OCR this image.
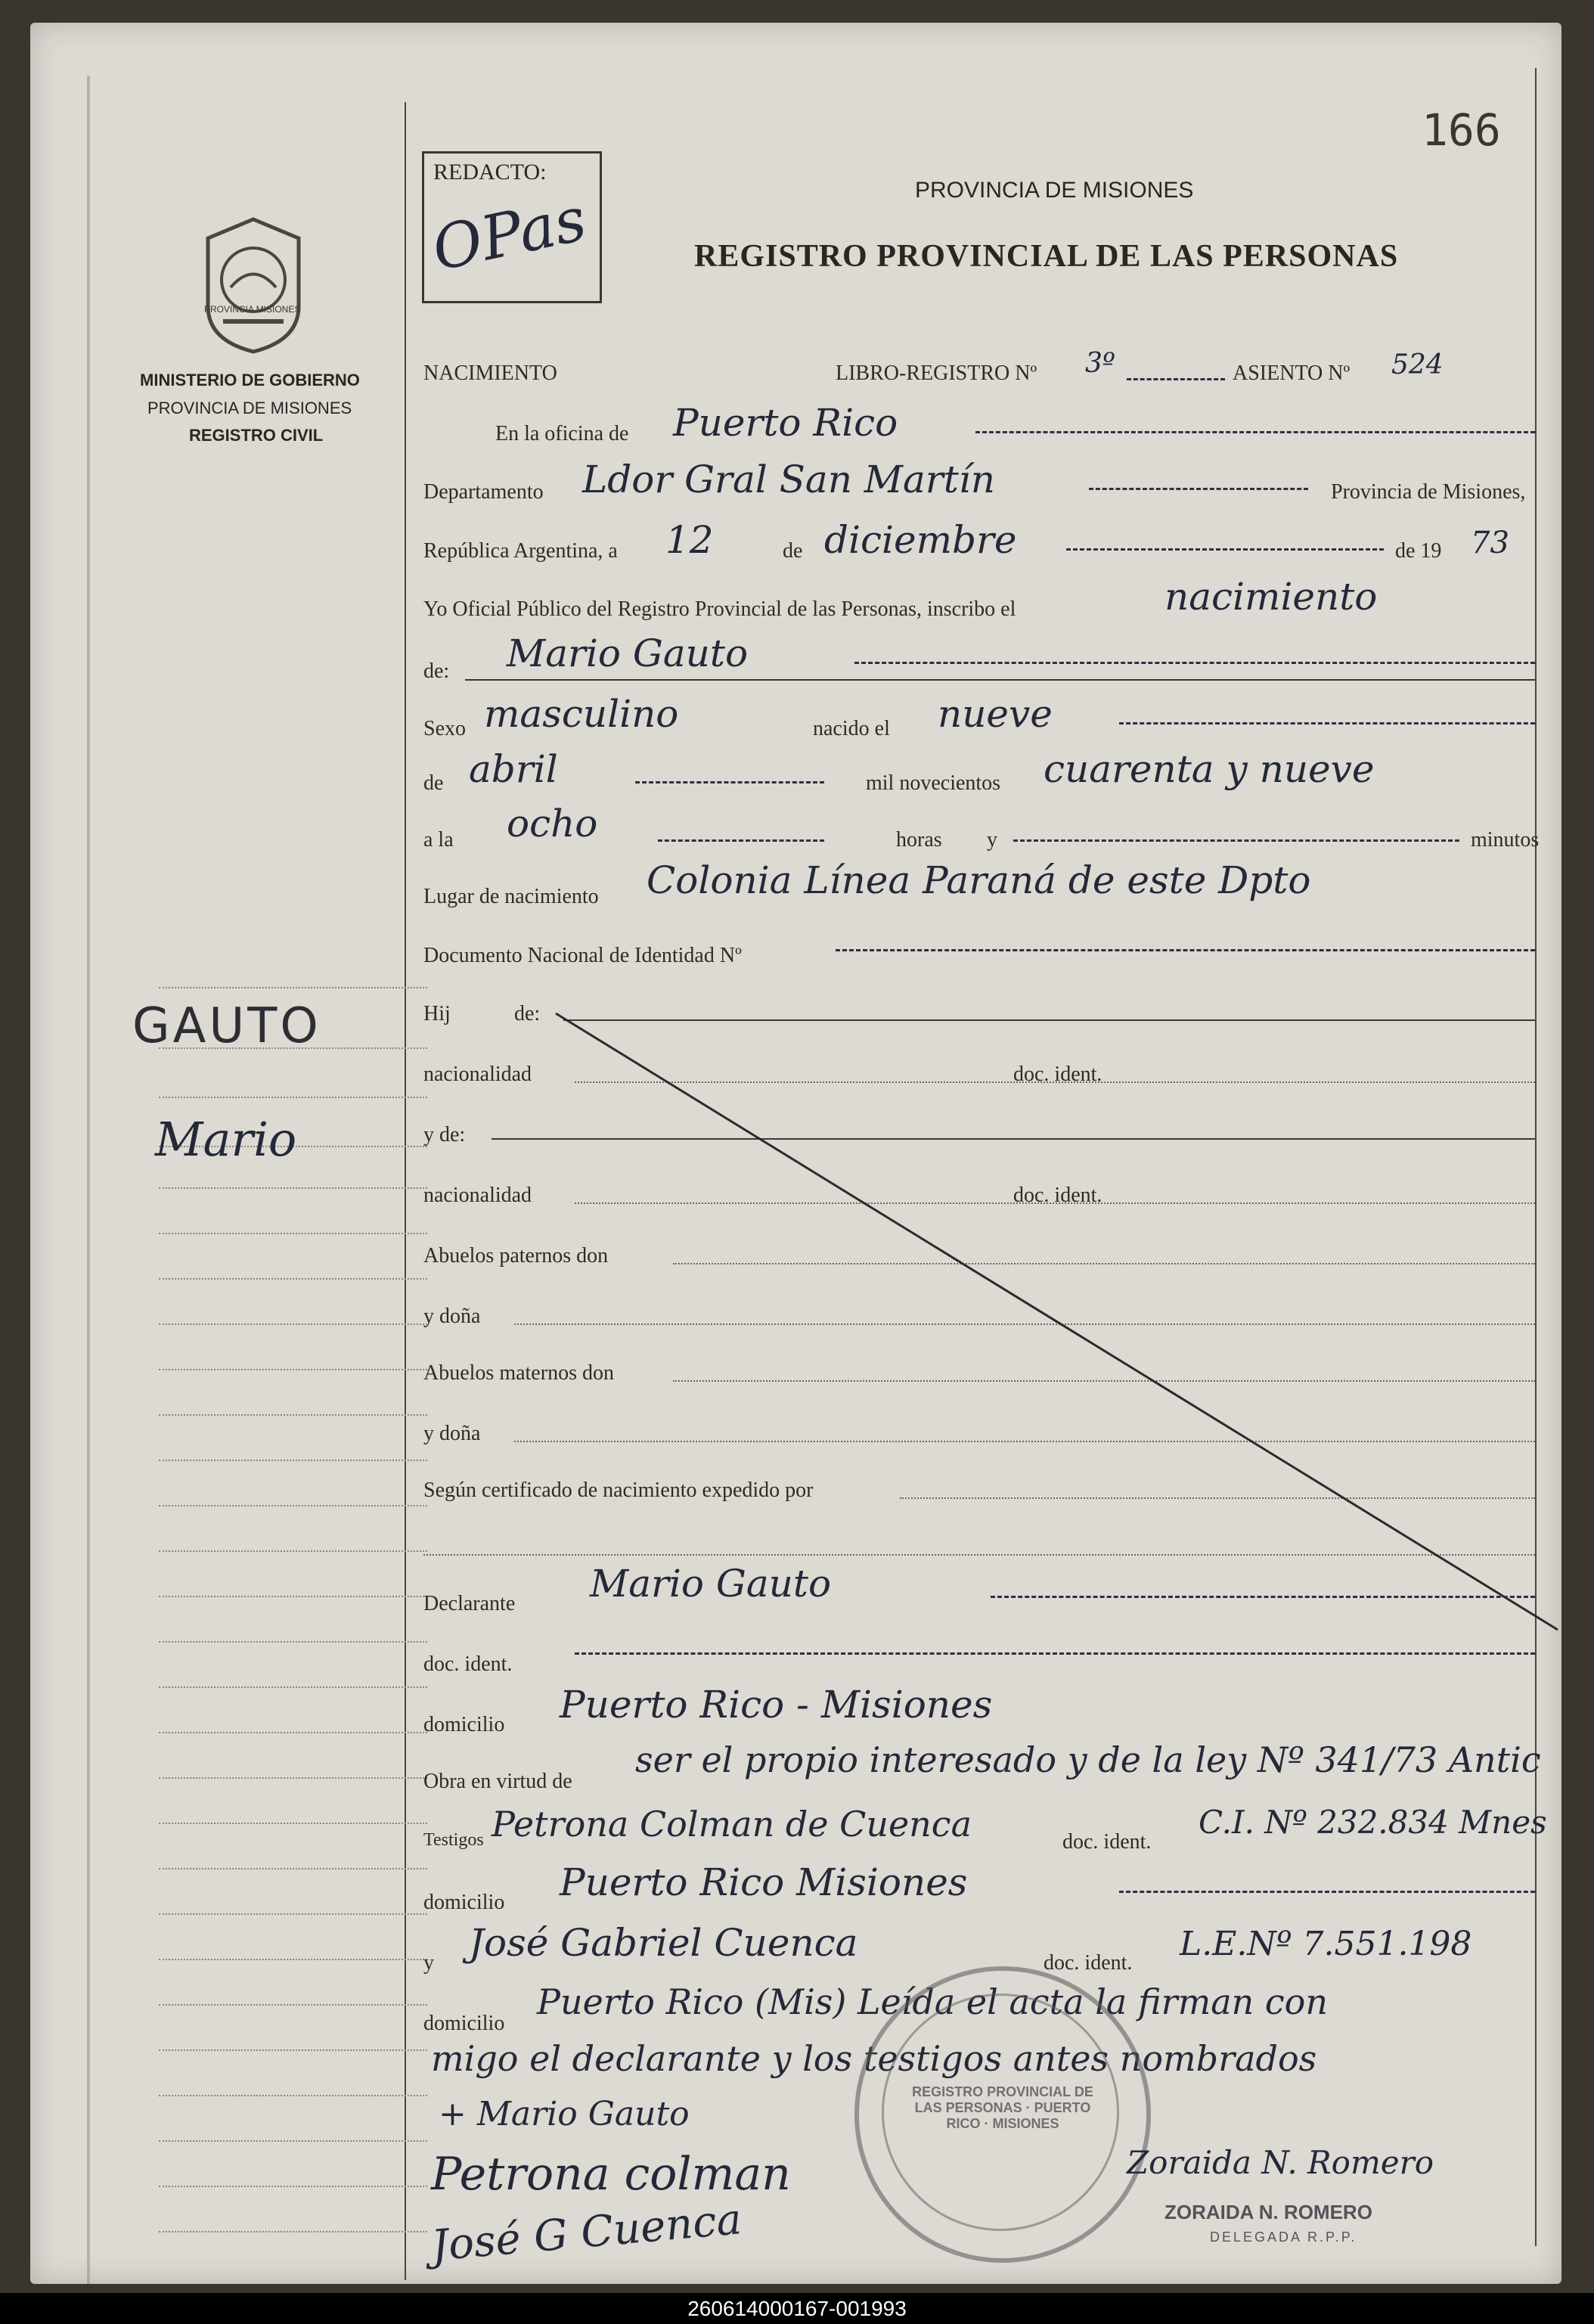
166
REDACTO:
OPas	PROVINCIA DE MISIONES
REGISTRO PROVINCIAL DE LAS PERSONAS
PROVINCIA MISIONES
MINISTERIO DE GOBIERNO
PROVINCIA DE MISIONES
REGISTRO CIVIL
GAUTO
Mario
NACIMIENTO	LIBRO-REGISTRO Nº 3º	ASIENTO Nº 524
En la oficina de Puerto Rico
Departamento Ldor Gral San Martín	Provincia de Misiones,
República Argentina, a 12	de diciembre	de 19 73
Yo Oficial Público del Registro Provincial de las Personas, inscribo el	nacimiento
de: Mario Gauto
Sexo masculino	nacido el nueve
de abril	mil novecientos cuarenta y nueve
a la ocho	horas y	minutos
Lugar de nacimiento Colonia Línea Paraná de este Dpto
Documento Nacional de Identidad Nº
Hij	de:
nacionalidad	doc. ident.
y de:
nacionalidad	doc. ident.
Abuelos paternos don
y doña
Abuelos maternos don
y doña
Según certificado de nacimiento expedido por
Declarante Mario Gauto
doc. ident.
domicilio Puerto Rico - Misiones
Obra en virtud de
ser el propio interesado y de la ley Nº 341/73 Antic
Testigos Petrona Colman de Cuenca	doc. ident.
C.I. Nº 232.834 Mnes
domicilio Puerto Rico Misiones
y José Gabriel Cuenca	doc. ident. L.E.Nº 7.551.198
domicilio
Puerto Rico (Mis) Leída el acta la firman con
migo el declarante y los testigos antes nombrados
+ Mario Gauto
Petrona colman
José G Cuenca
REGISTRO PROVINCIAL DE LAS PERSONAS · PUERTO RICO · MISIONES
Zoraida N. Romero
ZORAIDA N. ROMERO
DELEGADA R.P.P.
260614000167-001993
